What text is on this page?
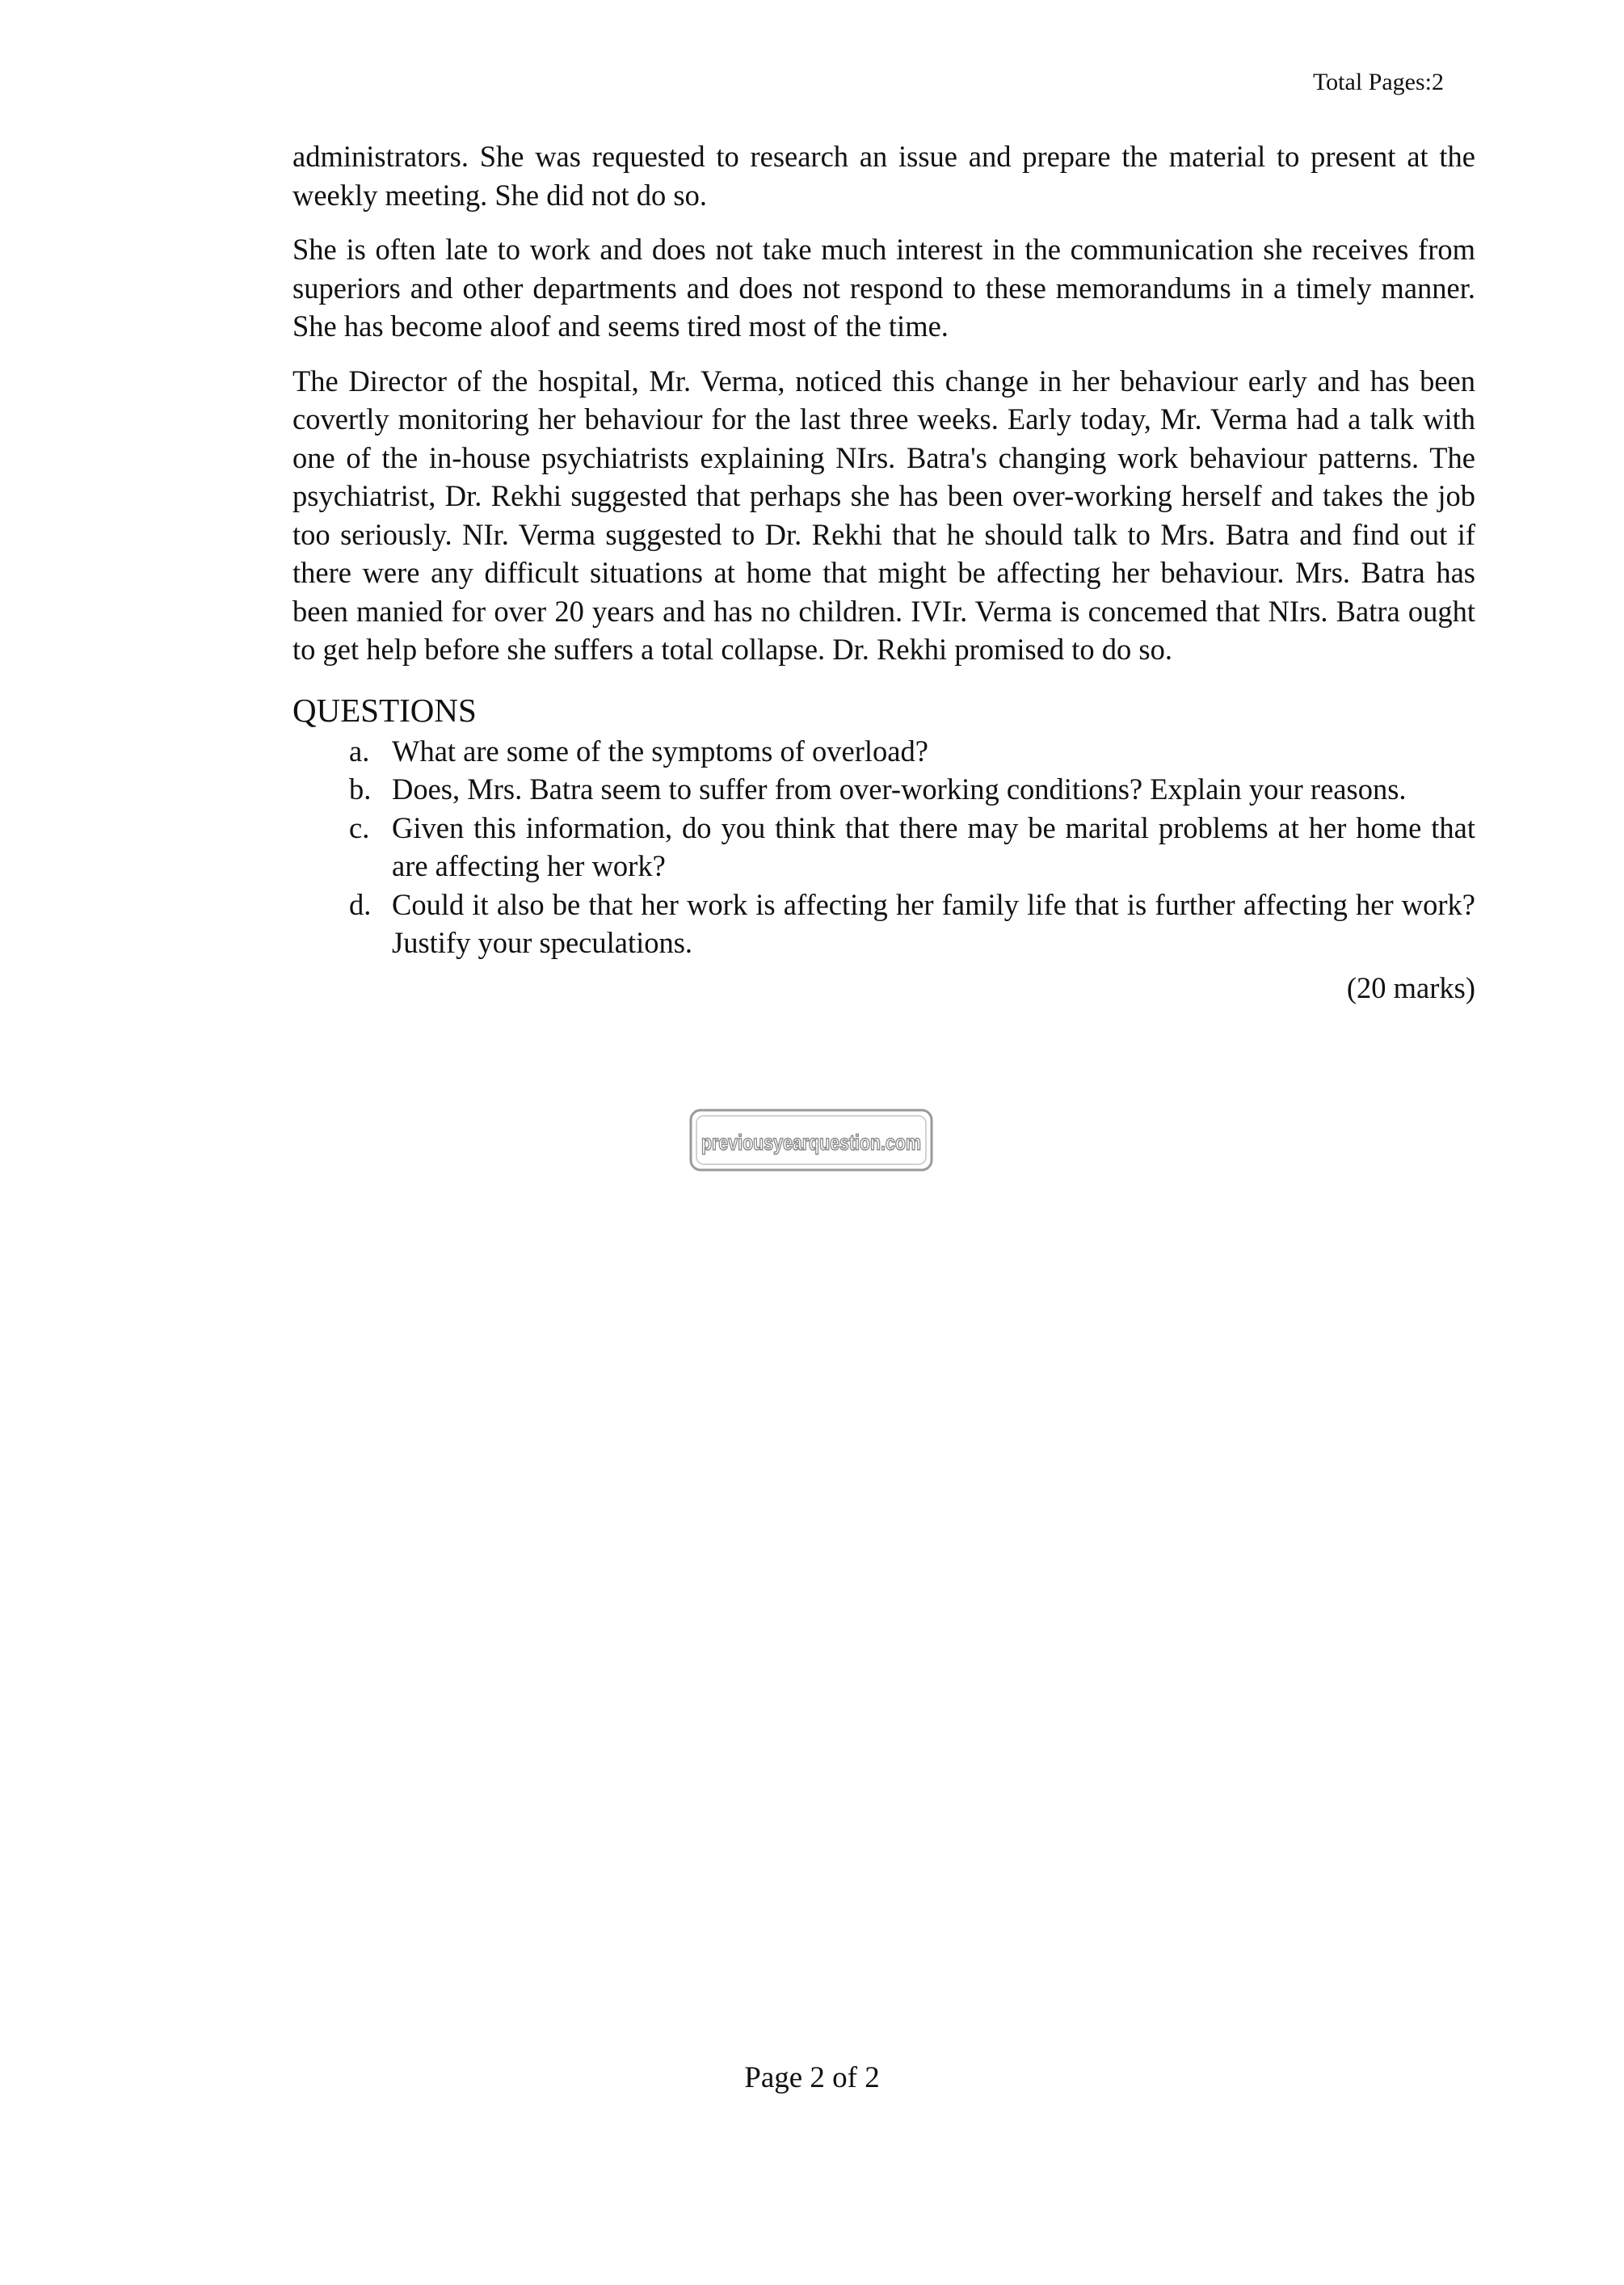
Total Pages:2

administrators. She was requested to research an issue and prepare the material to present at the weekly meeting. She did not do so.

She is often late to work and does not take much interest in the communication she receives from superiors and other departments and does not respond to these memorandums in a timely manner. She has become aloof and seems tired most of the time.

The Director of the hospital, Mr. Verma, noticed this change in her behaviour early and has been covertly monitoring her behaviour for the last three weeks. Early today, Mr. Verma had a talk with one of the in-house psychiatrists explaining NIrs. Batra's changing work behaviour patterns. The psychiatrist, Dr. Rekhi suggested that perhaps she has been over-working herself and takes the job too seriously. NIr. Verma suggested to Dr. Rekhi that he should talk to Mrs. Batra and find out if there were any difficult situations at home that might be affecting her behaviour. Mrs. Batra has been manied for over 20 years and has no children. IVIr. Verma is concemed that NIrs. Batra ought to get help before she suffers a total collapse. Dr. Rekhi promised to do so.

QUESTIONS
a. What are some of the symptoms of overload?
b. Does, Mrs. Batra seem to suffer from over-working conditions? Explain your reasons.
c. Given this information, do you think that there may be marital problems at her home that are affecting her work?
d. Could it also be that her work is affecting her family life that is further affecting her work? Justify your speculations.
(20 marks)
previousyearquestion.com
Page 2 of 2
